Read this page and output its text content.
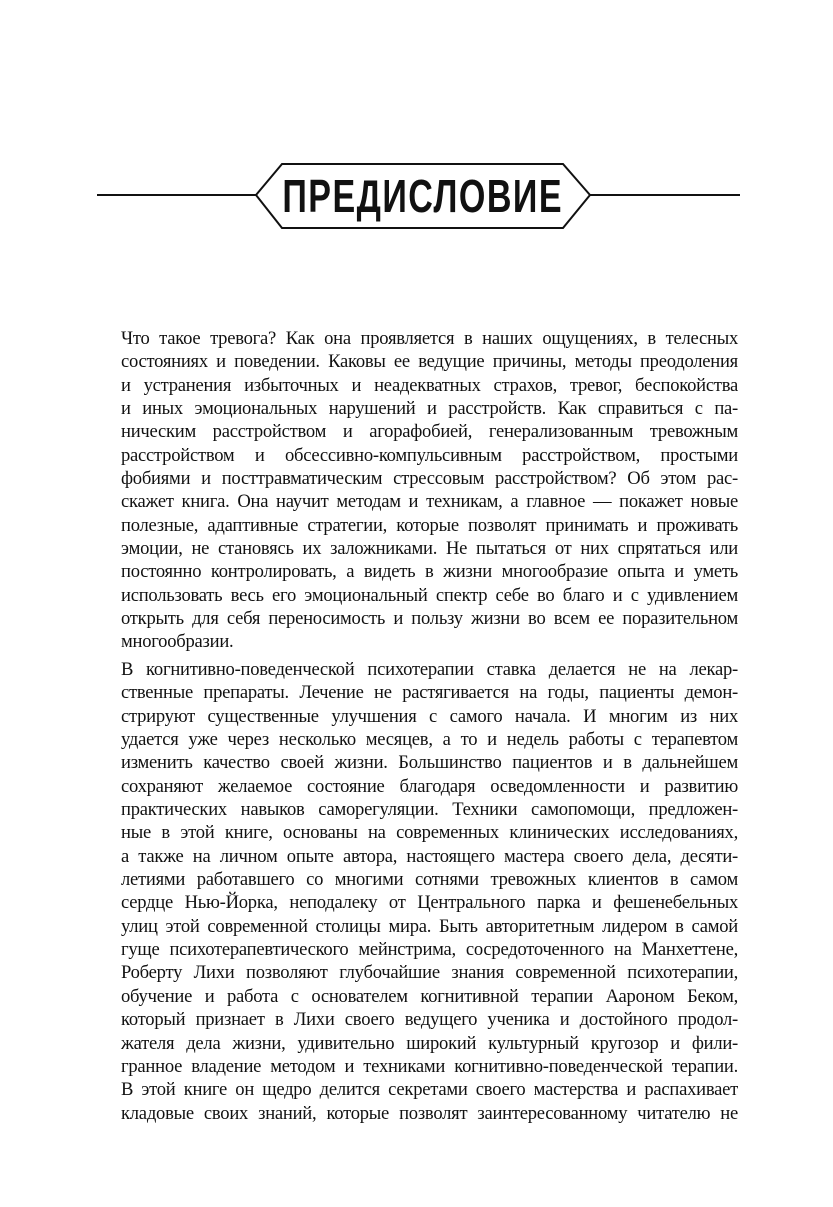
ПРЕДИСЛОВИЕ
Что такое тревога? Как она проявляется в наших ощущениях, в телесных
состояниях и поведении. Каковы ее ведущие причины, методы преодоления
и устранения избыточных и неадекватных страхов, тревог, беспокойства
и иных эмоциональных нарушений и расстройств. Как справиться с па-
ническим расстройством и агорафобией, генерализованным тревожным
расстройством и обсессивно-компульсивным расстройством, простыми
фобиями и посттравматическим стрессовым расстройством? Об этом рас-
скажет книга. Она научит методам и техникам, а главное — покажет новые
полезные, адаптивные стратегии, которые позволят принимать и проживать
эмоции, не становясь их заложниками. Не пытаться от них спрятаться или
постоянно контролировать, а видеть в жизни многообразие опыта и уметь
использовать весь его эмоциональный спектр себе во благо и с удивлением
открыть для себя переносимость и пользу жизни во всем ее поразительном
многообразии.
В когнитивно-поведенческой психотерапии ставка делается не на лекар-
ственные препараты. Лечение не растягивается на годы, пациенты демон-
стрируют существенные улучшения с самого начала. И многим из них
удается уже через несколько месяцев, а то и недель работы с терапевтом
изменить качество своей жизни. Большинство пациентов и в дальнейшем
сохраняют желаемое состояние благодаря осведомленности и развитию
практических навыков саморегуляции. Техники самопомощи, предложен-
ные в этой книге, основаны на современных клинических исследованиях,
а также на личном опыте автора, настоящего мастера своего дела, десяти-
летиями работавшего со многими сотнями тревожных клиентов в самом
сердце Нью-Йорка, неподалеку от Центрального парка и фешенебельных
улиц этой современной столицы мира. Быть авторитетным лидером в самой
гуще психотерапевтического мейнстрима, сосредоточенного на Манхеттене,
Роберту Лихи позволяют глубочайшие знания современной психотерапии,
обучение и работа с основателем когнитивной терапии Аароном Беком,
который признает в Лихи своего ведущего ученика и достойного продол-
жателя дела жизни, удивительно широкий культурный кругозор и фили-
гранное владение методом и техниками когнитивно-поведенческой терапии.
В этой книге он щедро делится секретами своего мастерства и распахивает
кладовые своих знаний, которые позволят заинтересованному читателю не
